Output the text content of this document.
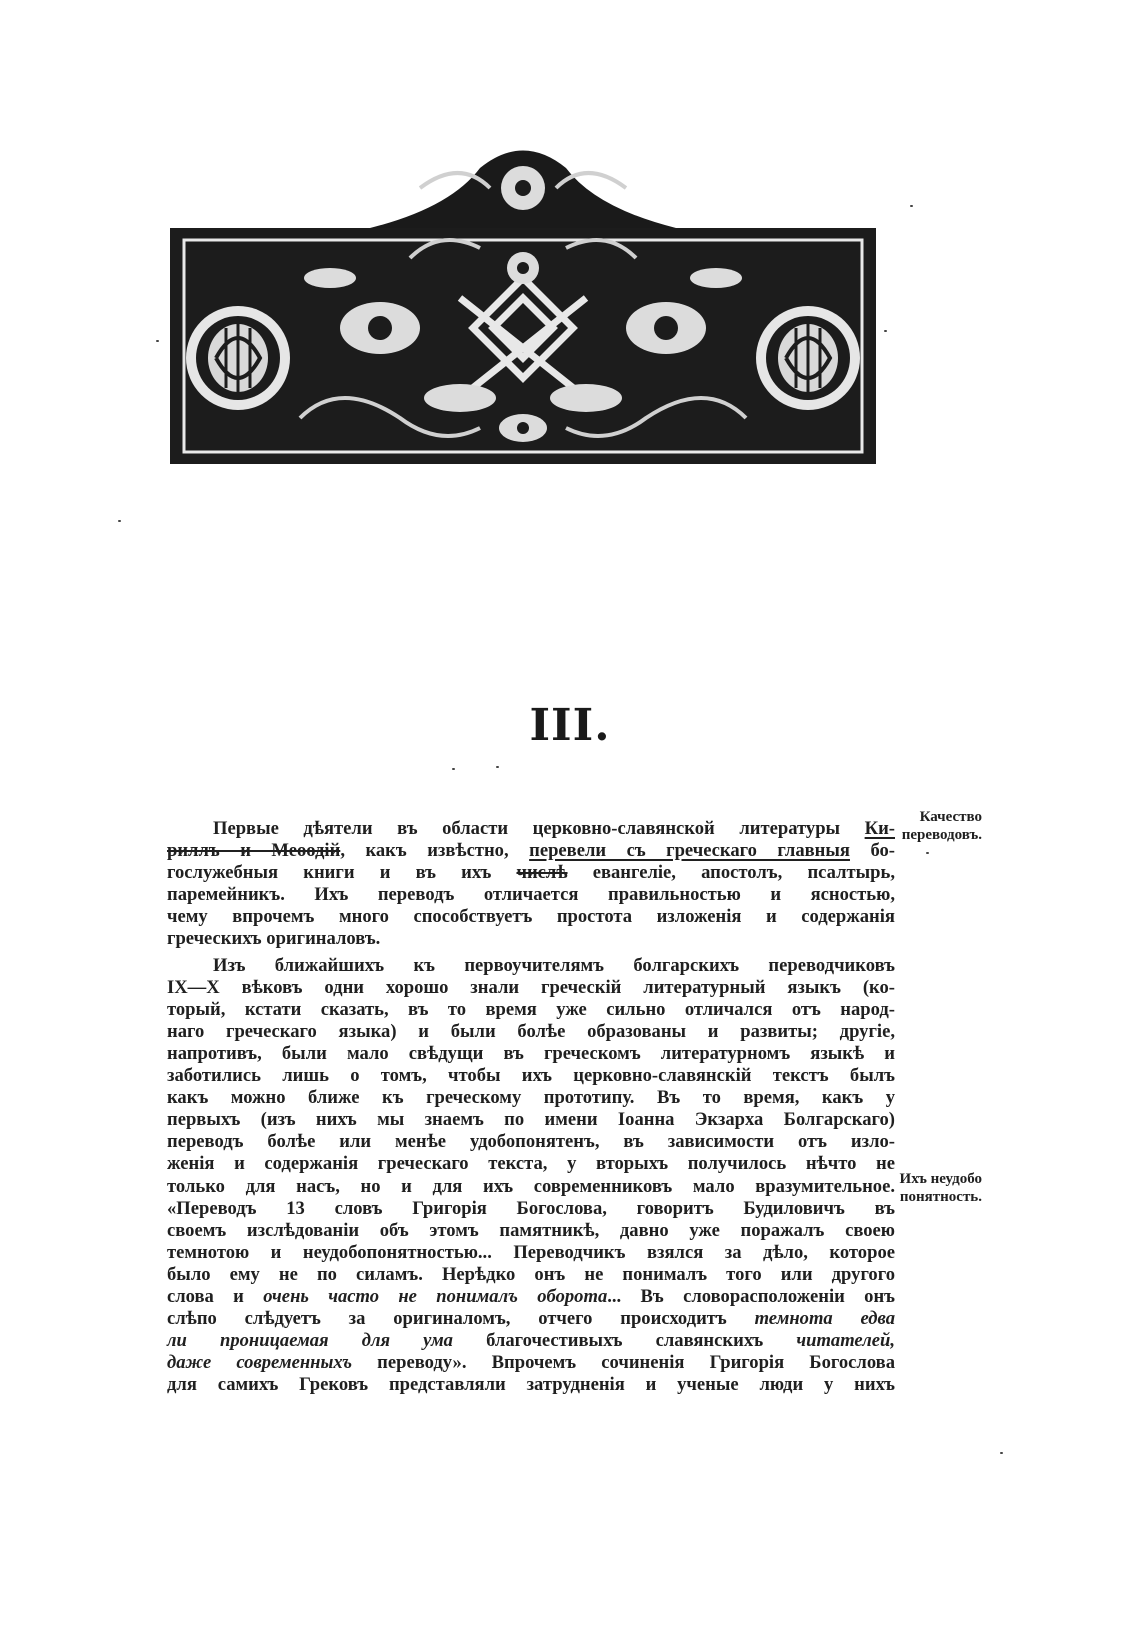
III.
Качество
переводовъ.
Ихъ неудобо
понятность.
Первые дѣятели въ области церковно-славянской литературы Ки-
риллъ и Меѳодій, какъ извѣстно, перевели съ греческаго главныя бо-
гослужебныя книги и въ ихъ числѣ евангеліе, апостолъ, псалтырь,
паремейникъ. Ихъ переводъ отличается правильностью и ясностью,
чему впрочемъ много способствуетъ простота изложенія и содержанія
греческихъ оригиналовъ.
Изъ ближайшихъ къ первоучителямъ болгарскихъ переводчиковъ
IX—X вѣковъ одни хорошо знали греческій литературный языкъ (ко-
торый, кстати сказать, въ то время уже сильно отличался отъ народ-
наго греческаго языка) и были болѣе образованы и развиты; другіе,
напротивъ, были мало свѣдущи въ греческомъ литературномъ языкѣ и
заботились лишь о томъ, чтобы ихъ церковно-славянскій текстъ былъ
какъ можно ближе къ греческому прототипу. Въ то время, какъ у
первыхъ (изъ нихъ мы знаемъ по имени Іоанна Экзарха Болгарскаго)
переводъ болѣе или менѣе удобопонятенъ, въ зависимости отъ изло-
женія и содержанія греческаго текста, у вторыхъ получилось нѣчто не
только для насъ, но и для ихъ современниковъ мало вразумительное.
«Переводъ 13 словъ Григорія Богослова, говоритъ Будиловичъ въ
своемъ изслѣдованіи объ этомъ памятникѣ, давно уже поражалъ своею
темнотою и неудобопонятностью... Переводчикъ взялся за дѣло, которое
было ему не по силамъ. Нерѣдко онъ не понималъ того или другого
слова и очень часто не понималъ оборота... Въ словорасположеніи онъ
слѣпо слѣдуетъ за оригиналомъ, отчего происходитъ темнота едва
ли проницаемая для ума благочестивыхъ славянскихъ читателей,
даже современныхъ переводу». Впрочемъ сочиненія Григорія Богослова
для самихъ Грековъ представляли затрудненія и ученые люди у нихъ
